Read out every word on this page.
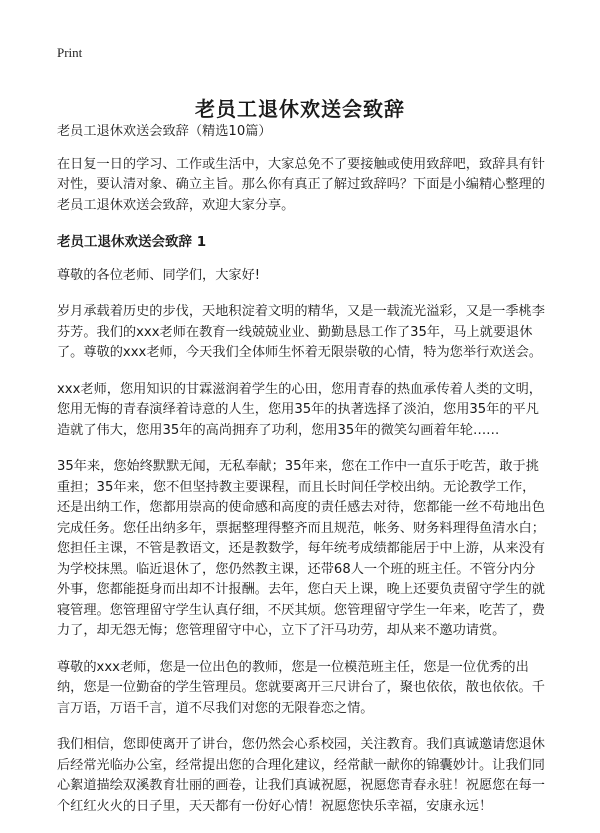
Print
老员工退休欢送会致辞

老员工退休欢送会致辞（精选10篇）

在日复一日的学习、工作或生活中，大家总免不了要接触或使用致辞吧，致辞具有针对性，要认清对象、确立主旨。那么你有真正了解过致辞吗？下面是小编精心整理的老员工退休欢送会致辞，欢迎大家分享。

老员工退休欢送会致辞 1

尊敬的各位老师、同学们，大家好!

岁月承载着历史的步伐，天地积淀着文明的精华，又是一载流光溢彩，又是一季桃李芬芳。我们的xxx老师在教育一线兢兢业业、勤勤恳恳工作了35年，马上就要退休了。尊敬的xxx老师，今天我们全体师生怀着无限崇敬的心情，特为您举行欢送会。

xxx老师，您用知识的甘霖滋润着学生的心田，您用青春的热血承传着人类的文明，您用无悔的青春演绎着诗意的人生，您用35年的执著选择了淡泊，您用35年的平凡造就了伟大，您用35年的高尚拥弃了功利，您用35年的微笑勾画着年轮……

35年来，您始终默默无闻，无私奉献；35年来，您在工作中一直乐于吃苦，敢于挑重担；35年来，您不但坚持教主要课程，而且长时间任学校出纳。无论教学工作，还是出纳工作，您都用崇高的使命感和高度的责任感去对待，您都能一丝不苟地出色完成任务。您任出纳多年，票据整理得整齐而且规范，帐务、财务料理得鱼清水白；您担任主课，不管是教语文，还是教数学，每年统考成绩都能居于中上游，从来没有为学校抹黑。临近退休了，您仍然教主课，还带68人一个班的班主任。不管分内分外事，您都能挺身而出却不计报酬。去年，您白天上课，晚上还要负责留守学生的就寝管理。您管理留守学生认真仔细，不厌其烦。您管理留守学生一年来，吃苦了，费力了，却无怨无悔；您管理留守中心，立下了汗马功劳，却从来不邀功请赏。

尊敬的xxx老师，您是一位出色的教师，您是一位模范班主任，您是一位优秀的出纳，您是一位勤奋的学生管理员。您就要离开三尺讲台了，聚也依依，散也依依。千言万语，万语千言，道不尽我们对您的无限眷恋之情。

我们相信，您即使离开了讲台，您仍然会心系校园，关注教育。我们真诚邀请您退休后经常光临办公室，经常提出您的合理化建议，经常献一献你的锦囊妙计。让我们同心絮道描绘双溪教育壮丽的画卷，让我们真诚祝愿，祝愿您青春永驻！祝愿您在每一个红红火火的日子里，天天都有一份好心情！祝愿您快乐幸福，安康永远！
